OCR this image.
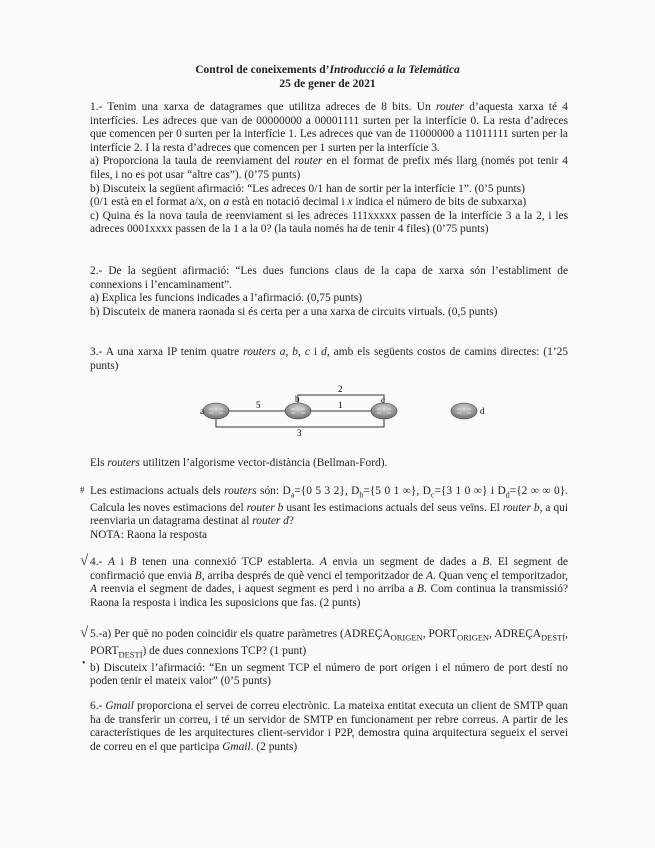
Control de coneixements d’Introducció a la Telemàtica
25 de gener de 2021

1.- Tenim una xarxa de datagrames que utilitza adreces de 8 bits. Un router d’aquesta xarxa té 4 interfícies. Les adreces que van de 00000000 a 00001111 surten per la interfície 0. La resta d’adreces que comencen per 0 surten per la interfície 1. Les adreces que van de 11000000 a 11011111 surten per la interfície 2. I la resta d’adreces que comencen per 1 surten per la interfície 3.

a) Proporciona la taula de reenviament del router en el format de prefix més llarg (només pot tenir 4 files, i no es pot usar “altre cas”). (0’75 punts)

b) Discuteix la següent afirmació: “Les adreces 0/1 han de sortir per la interfície 1”. (0’5 punts)

(0/1 està en el format a/x, on a està en notació decimal i x indica el número de bits de subxarxa)

c) Quina és la nova taula de reenviament si les adreces 111xxxxx passen de la interfície 3 a la 2, i les adreces 0001xxxx passen de la 1 a la 0? (la taula només ha de tenir 4 files) (0’75 punts)

2.- De la següent afirmació: “Les dues funcions claus de la capa de xarxa són l’establiment de connexions i l’encaminament”.

a) Explica les funcions indicades a l’afirmació. (0,75 punts)

b) Discuteix de manera raonada si és certa per a una xarxa de circuits virtuals. (0,5 punts)

3.- A una xarxa IP tenim quatre routers a, b, c i d, amb els següents costos de camins directes: (1’25 punts)

a
b	c
d
5	1
2
3

Els routers utilitzen l’algorisme vector-distància (Bellman-Ford).

Les estimacions actuals dels routers són: $D_a=\{0$ 5 3 2}, $D_b=\{5$ 0 1 ∞}, $D_c=\{3$ 1 0 ∞} i $D_d=\{2$ ∞ ∞ 0}. Calcula les noves estimacions del router b usant les estimacions actuals del seus veïns. El router b, a qui reenviaria un datagrama destinat al router d?

NOTA: Raona la resposta

4.- A i B tenen una connexió TCP establerta. A envia un segment de dades a B. El segment de confirmació que envia B, arriba després de què venci el temporitzador de A. Quan venç el temporitzador, A reenvia el segment de dades, i aquest segment es perd i no arriba a B. Com continua la transmissió? Raona la resposta i indica les suposicions que fas. (2 punts)

5.-a) Per què no poden coincidir els quatre paràmetres ($ADREÇA_{ORIGEN}$, $PORT_{ORIGEN}$, $ADREÇA_{DESTÍ}$, $PORT_{DESTÍ}$) de dues connexions TCP? (1 punt)

b) Discuteix l’afirmació: “En un segment TCP el número de port origen i el número de port destí no poden tenir el mateix valor” (0’5 punts)

6.- Gmail proporciona el servei de correu electrònic. La mateixa entitat executa un client de SMTP quan ha de transferir un correu, i té un servidor de SMTP en funcionament per rebre correus. A partir de les característiques de les arquitectures client-servidor i P2P, demostra quina arquitectura segueix el servei de correu en el que participa Gmail. (2 punts)

√
√
•
#
